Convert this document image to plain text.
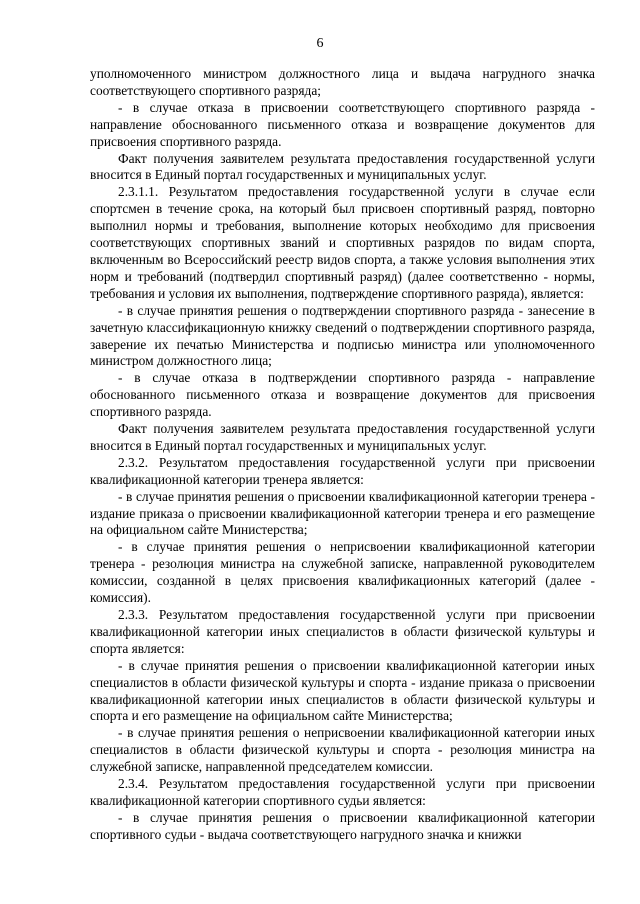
6

уполномоченного министром должностного лица и выдача нагрудного значка соответствующего спортивного разряда;

- в случае отказа в присвоении соответствующего спортивного разряда - направление обоснованного письменного отказа и возвращение документов для присвоения спортивного разряда.

Факт получения заявителем результата предоставления государственной услуги вносится в Единый портал государственных и муниципальных услуг.

2.3.1.1. Результатом предоставления государственной услуги в случае если спортсмен в течение срока, на который был присвоен спортивный разряд, повторно выполнил нормы и требования, выполнение которых необходимо для присвоения соответствующих спортивных званий и спортивных разрядов по видам спорта, включенным во Всероссийский реестр видов спорта, а также условия выполнения этих норм и требований (подтвердил спортивный разряд) (далее соответственно - нормы, требования и условия их выполнения, подтверждение спортивного разряда), является:

- в случае принятия решения о подтверждении спортивного разряда - занесение в зачетную классификационную книжку сведений о подтверждении спортивного разряда, заверение их печатью Министерства и подписью министра или уполномоченного министром должностного лица;

- в случае отказа в подтверждении спортивного разряда - направление обоснованного письменного отказа и возвращение документов для присвоения спортивного разряда.

Факт получения заявителем результата предоставления государственной услуги вносится в Единый портал государственных и муниципальных услуг.

2.3.2. Результатом предоставления государственной услуги при присвоении квалификационной категории тренера является:

- в случае принятия решения о присвоении квалификационной категории тренера - издание приказа о присвоении квалификационной категории тренера и его размещение на официальном сайте Министерства;

- в случае принятия решения о неприсвоении квалификационной категории тренера - резолюция министра на служебной записке, направленной руководителем комиссии, созданной в целях присвоения квалификационных категорий (далее - комиссия).

2.3.3. Результатом предоставления государственной услуги при присвоении квалификационной категории иных специалистов в области физической культуры и спорта является:

- в случае принятия решения о присвоении квалификационной категории иных специалистов в области физической культуры и спорта - издание приказа о присвоении квалификационной категории иных специалистов в области физической культуры и спорта и его размещение на официальном сайте Министерства;

- в случае принятия решения о неприсвоении квалификационной категории иных специалистов в области физической культуры и спорта - резолюция министра на служебной записке, направленной председателем комиссии.

2.3.4. Результатом предоставления государственной услуги при присвоении квалификационной категории спортивного судьи является:

- в случае принятия решения о присвоении квалификационной категории спортивного судьи - выдача соответствующего нагрудного значка и книжки
